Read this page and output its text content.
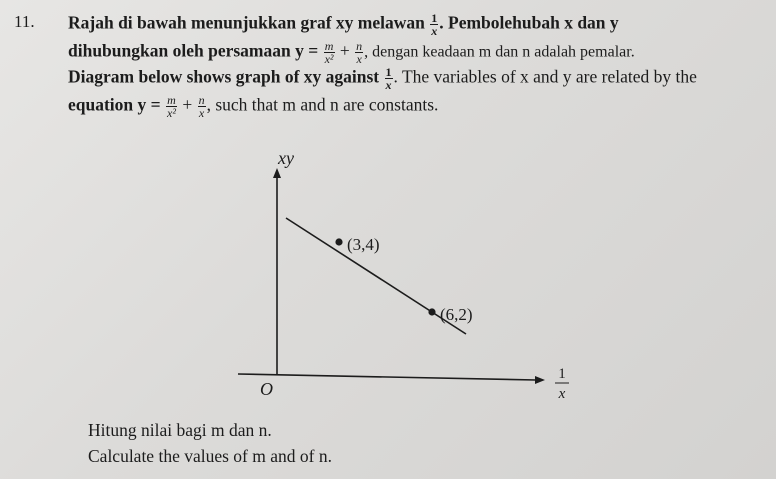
11. Rajah di bawah menunjukkan graf xy melawan $\frac{1}{x}$ . Pembolehubah x dan y
dihubungkan oleh persamaan $y = \frac{m}{\text{x²}} + \frac{n}{x}$ , dengan keadaan m dan n adalah pemalar.
Diagram below shows graph of xy against $\frac{1}{x}$ . The variables of x and y are related by the
equation $y = \frac{m}{\text{x²}} + \frac{n}{x}$ , such that m and n are constants.
xy
(3,4)
(6,2)
O
1
x
Hitung nilai bagi m dan n.
Calculate the values of m and of n.
